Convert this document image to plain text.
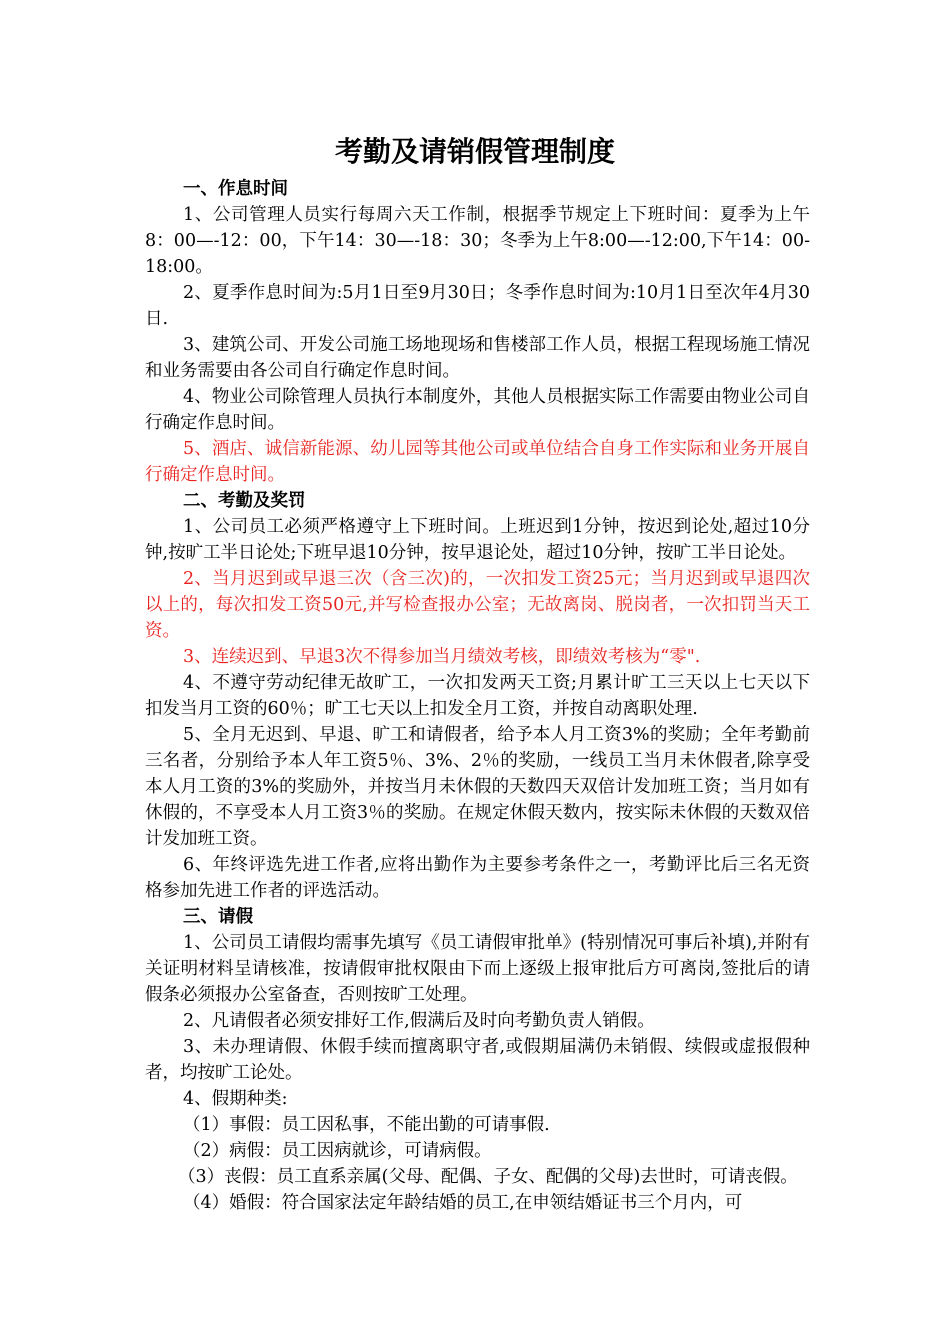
考勤及请销假管理制度
一、作息时间

1、公司管理人员实行每周六天工作制，根据季节规定上下班时间：夏季为上午8：00—-12：00，下午14：30—-18：30；冬季为上午8:00—-12:00,下午14：00-18:00。

2、夏季作息时间为:5月1日至9月30日；冬季作息时间为:10月1日至次年4月30日.

3、建筑公司、开发公司施工场地现场和售楼部工作人员，根据工程现场施工情况和业务需要由各公司自行确定作息时间。

4、物业公司除管理人员执行本制度外，其他人员根据实际工作需要由物业公司自行确定作息时间。

5、酒店、诚信新能源、幼儿园等其他公司或单位结合自身工作实际和业务开展自行确定作息时间。

二、考勤及奖罚

1、公司员工必须严格遵守上下班时间。上班迟到1分钟，按迟到论处,超过10分钟,按旷工半日论处;下班早退10分钟，按早退论处，超过10分钟，按旷工半日论处。

2、当月迟到或早退三次（含三次)的，一次扣发工资25元；当月迟到或早退四次以上的，每次扣发工资50元,并写检查报办公室；无故离岗、脱岗者，一次扣罚当天工资。

3、连续迟到、早退3次不得参加当月绩效考核，即绩效考核为“零".

4、不遵守劳动纪律无故旷工，一次扣发两天工资;月累计旷工三天以上七天以下扣发当月工资的60％；旷工七天以上扣发全月工资，并按自动离职处理.

5、全月无迟到、早退、旷工和请假者，给予本人月工资3%的奖励；全年考勤前三名者，分别给予本人年工资5％、3%、2％的奖励，一线员工当月未休假者,除享受本人月工资的3%的奖励外，并按当月未休假的天数四天双倍计发加班工资；当月如有休假的，不享受本人月工资3％的奖励。在规定休假天数内，按实际未休假的天数双倍计发加班工资。

6、年终评选先进工作者,应将出勤作为主要参考条件之一，考勤评比后三名无资格参加先进工作者的评选活动。

三、请假

1、公司员工请假均需事先填写《员工请假审批单》(特别情况可事后补填),并附有关证明材料呈请核准，按请假审批权限由下而上逐级上报审批后方可离岗,签批后的请假条必须报办公室备查，否则按旷工处理。

2、凡请假者必须安排好工作,假满后及时向考勤负责人销假。

3、未办理请假、休假手续而擅离职守者,或假期届满仍未销假、续假或虚报假种者，均按旷工论处。

4、假期种类:

（1）事假：员工因私事，不能出勤的可请事假.

（2）病假：员工因病就诊，可请病假。

（3）丧假：员工直系亲属(父母、配偶、子女、配偶的父母)去世时，可请丧假。

（4）婚假：符合国家法定年龄结婚的员工,在申领结婚证书三个月内，可
